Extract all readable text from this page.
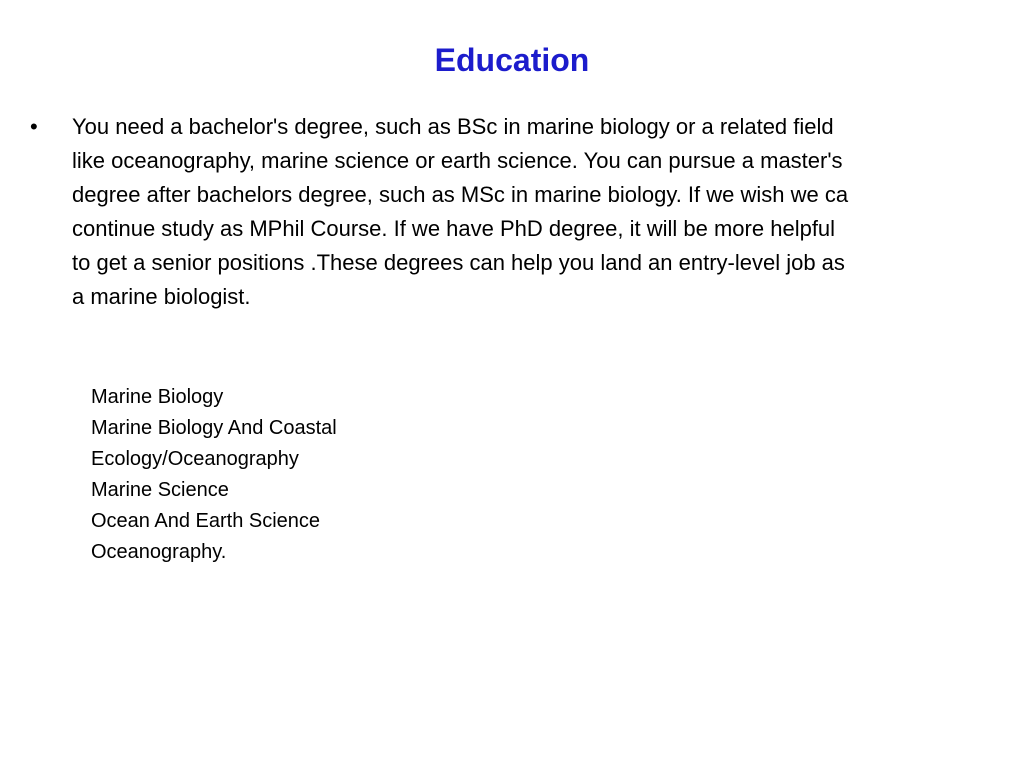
Education
•	You need a bachelor's degree, such as BSc in marine biology or a related field
like oceanography, marine science or earth science. You can pursue a master's
degree after bachelors degree, such as MSc in marine biology. If we wish we ca
continue study as MPhil Course. If we have PhD degree, it will be more helpful
to get a senior positions .These degrees can help you land an entry-level job as
a marine biologist.
Marine Biology
Marine Biology And Coastal
Ecology/Oceanography
Marine Science
Ocean And Earth Science
Oceanography.
